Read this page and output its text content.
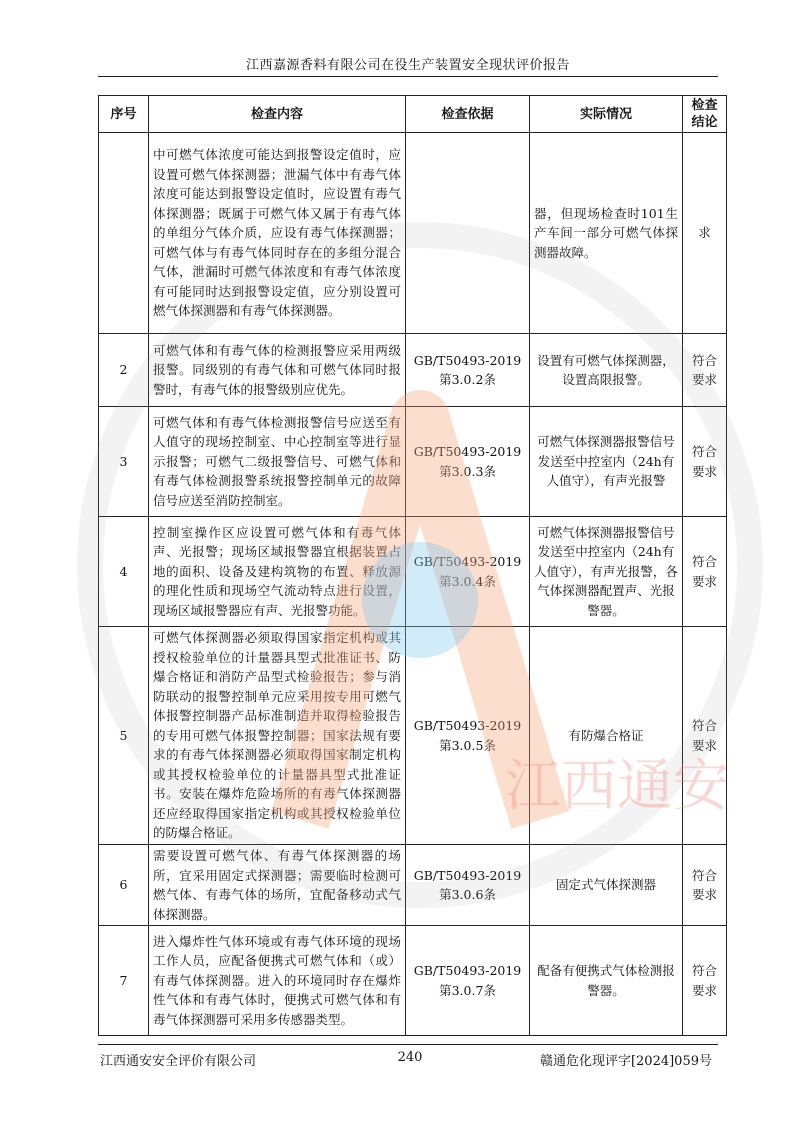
江西嘉源香料有限公司在役生产装置安全现状评价报告
序号	检查内容	检查依据	实际情况	检查结论
	中可燃气体浓度可能达到报警设定值时，应设置可燃气体探测器；泄漏气体中有毒气体浓度可能达到报警设定值时，应设置有毒气体探测器；既属于可燃气体又属于有毒气体的单组分气体介质，应设有毒气体探测器；可燃气体与有毒气体同时存在的多组分混合气体，泄漏时可燃气体浓度和有毒气体浓度有可能同时达到报警设定值，应分别设置可燃气体探测器和有毒气体探测器。		器，但现场检查时101生产车间一部分可燃气体探测器故障。	求
2	可燃气体和有毒气体的检测报警应采用两级报警。同级别的有毒气体和可燃气体同时报警时，有毒气体的报警级别应优先。	GB/T50493-2019第3.0.2条	设置有可燃气体探测器，设置高限报警。	符合要求
3	可燃气体和有毒气体检测报警信号应送至有人值守的现场控制室、中心控制室等进行显示报警；可燃气二级报警信号、可燃气体和有毒气体检测报警系统报警控制单元的故障信号应送至消防控制室。	GB/T50493-2019第3.0.3条	可燃气体探测器报警信号发送至中控室内（24h有人值守），有声光报警	符合要求
4	控制室操作区应设置可燃气体和有毒气体声、光报警；现场区域报警器宜根据装置占地的面积、设备及建构筑物的布置、释放源的理化性质和现场空气流动特点进行设置，现场区域报警器应有声、光报警功能。	GB/T50493-2019第3.0.4条	可燃气体探测器报警信号发送至中控室内（24h有人值守），有声光报警，各气体探测器配置声、光报警器。	符合要求
5	可燃气体探测器必须取得国家指定机构或其授权检验单位的计量器具型式批准证书、防爆合格证和消防产品型式检验报告；参与消防联动的报警控制单元应采用按专用可燃气体报警控制器产品标准制造并取得检验报告的专用可燃气体报警控制器；国家法规有要求的有毒气体探测器必须取得国家制定机构或其授权检验单位的计量器具型式批准证书。安装在爆炸危险场所的有毒气体探测器还应经取得国家指定机构或其授权检验单位的防爆合格证。	GB/T50493-2019第3.0.5条	有防爆合格证	符合要求
6	需要设置可燃气体、有毒气体探测器的场所，宜采用固定式探测器；需要临时检测可燃气体、有毒气体的场所，宜配备移动式气体探测器。	GB/T50493-2019第3.0.6条	固定式气体探测器	符合要求
7	进入爆炸性气体环境或有毒气体环境的现场工作人员，应配备便携式可燃气体和（或）有毒气体探测器。进入的环境同时存在爆炸性气体和有毒气体时，便携式可燃气体和有毒气体探测器可采用多传感器类型。	GB/T50493-2019第3.0.7条	配备有便携式气体检测报警器。	符合要求
江西通安
江西通安安全评价有限公司	240	赣通危化现评字[2024]059号
